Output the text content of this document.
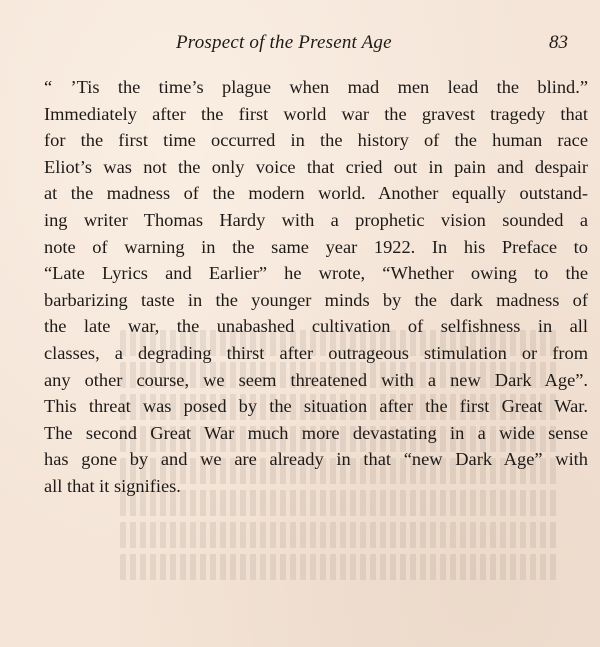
Prospect of the Present Age	83
“ ’Tis the time’s plague when mad men lead the blind.”
Immediately after the first world war the gravest tragedy that
for the first time occurred in the history of the human race
Eliot’s was not the only voice that cried out in pain and despair
at the madness of the modern world. Another equally outstand-
ing writer Thomas Hardy with a prophetic vision sounded a
note of warning in the same year 1922. In his Preface to
“Late Lyrics and Earlier” he wrote, “Whether owing to the
barbarizing taste in the younger minds by the dark madness of
the late war, the unabashed cultivation of selfishness in all
classes, a degrading thirst after outrageous stimulation or from
any other course, we seem threatened with a new Dark Age”.
This threat was posed by the situation after the first Great War.
The second Great War much more devastating in a wide sense
has gone by and we are already in that “new Dark Age” with
all that it signifies.
